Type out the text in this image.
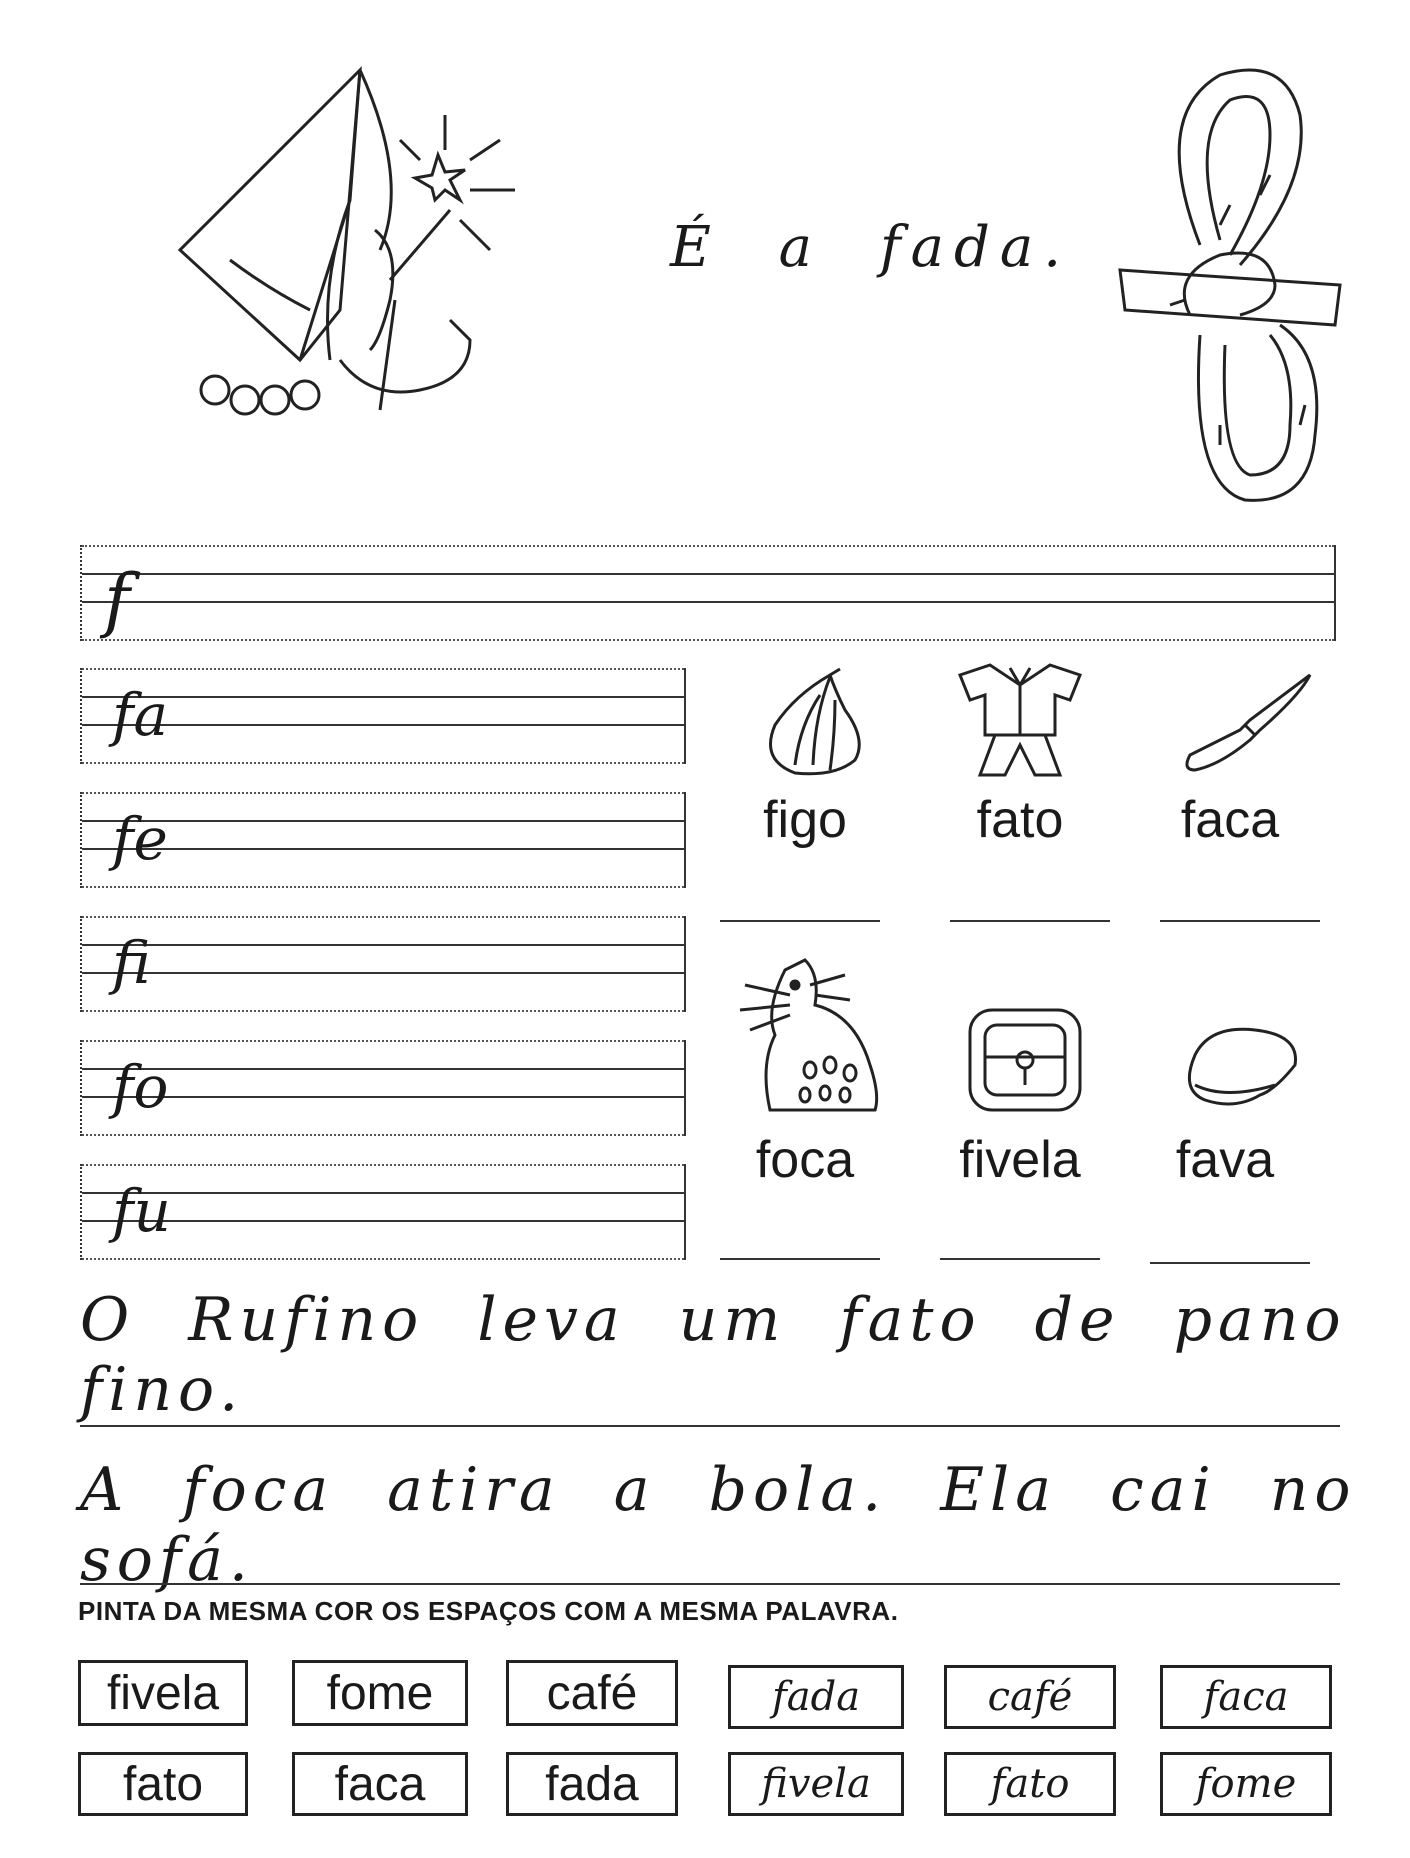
É a fada.
f
fa
fe
fi
fo
fu
figo	fato	faca
foca	fivela	fava
O Rufino leva um fato de pano fino.
A foca atira a bola. Ela cai no sofá.
PINTA DA MESMA COR OS ESPAÇOS COM A MESMA PALAVRA.
fivela	fome	café	fada	café	faca
fato	faca	fada	fivela	fato	fome
